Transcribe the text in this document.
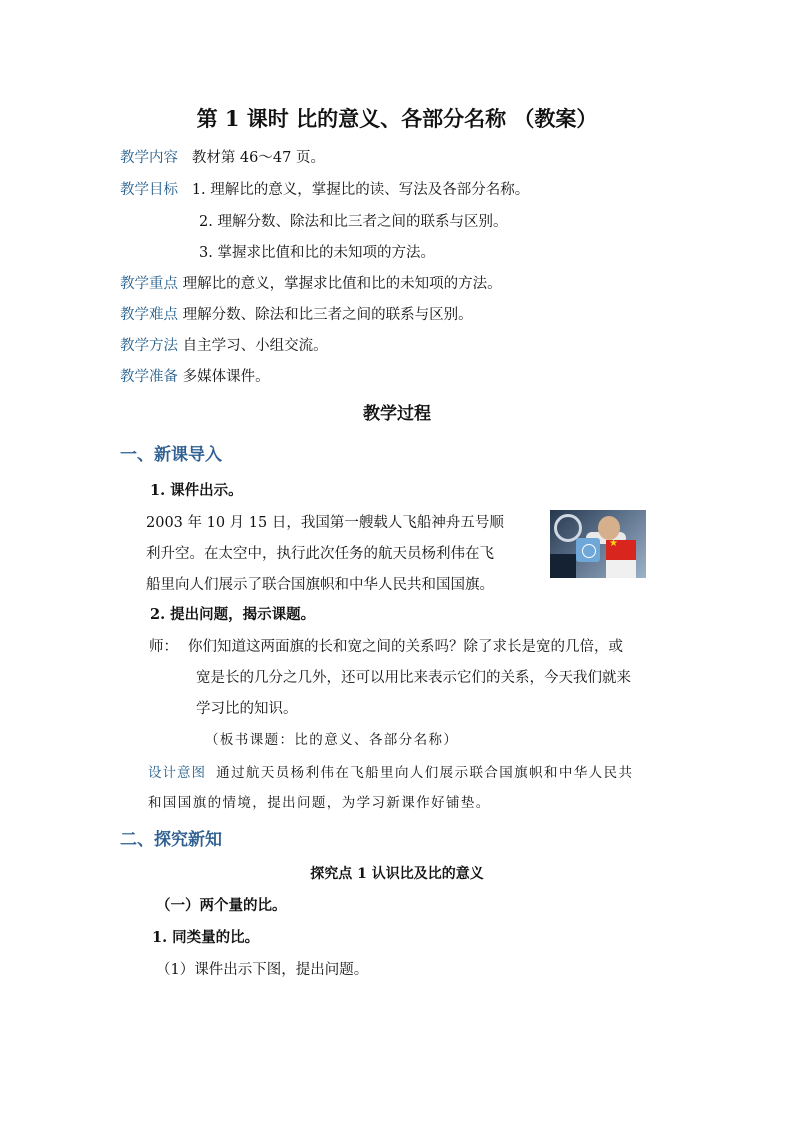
第 1 课时 比的意义、各部分名称 （教案）
教学内容 教材第 46～47 页。
教学目标 1. 理解比的意义，掌握比的读、写法及各部分名称。
2. 理解分数、除法和比三者之间的联系与区别。
3. 掌握求比值和比的未知项的方法。
教学重点 理解比的意义，掌握求比值和比的未知项的方法。
教学难点 理解分数、除法和比三者之间的联系与区别。
教学方法 自主学习、小组交流。
教学准备 多媒体课件。
教学过程
一、新课导入
1. 课件出示。
2003 年 10 月 15 日，我国第一艘载人飞船神舟五号顺
利升空。在太空中，执行此次任务的航天员杨利伟在飞
船里向人们展示了联合国旗帜和中华人民共和国国旗。
★
2. 提出问题，揭示课题。
师： 你们知道这两面旗的长和宽之间的关系吗？除了求长是宽的几倍，或
宽是长的几分之几外，还可以用比来表示它们的关系，今天我们就来
学习比的知识。
（板书课题：比的意义、各部分名称）
设计意图 通过航天员杨利伟在飞船里向人们展示联合国旗帜和中华人民共
和国国旗的情境，提出问题，为学习新课作好铺垫。
二、探究新知
探究点 1 认识比及比的意义
（一）两个量的比。
1. 同类量的比。
（1）课件出示下图，提出问题。
